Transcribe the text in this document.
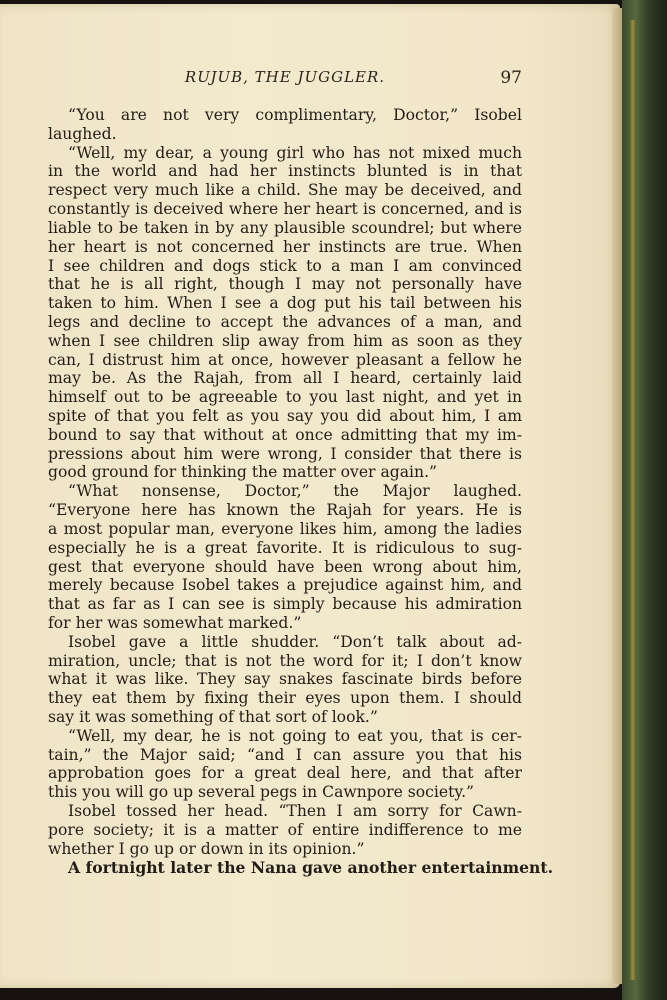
RUJUB, THE JUGGLER.	97
“You are not very complimentary, Doctor,” Isobel
laughed.
“Well, my dear, a young girl who has not mixed much
in the world and had her instincts blunted is in that
respect very much like a child. She may be deceived, and
constantly is deceived where her heart is concerned, and is
liable to be taken in by any plausible scoundrel; but where
her heart is not concerned her instincts are true. When
I see children and dogs stick to a man I am convinced
that he is all right, though I may not personally have
taken to him. When I see a dog put his tail between his
legs and decline to accept the advances of a man, and
when I see children slip away from him as soon as they
can, I distrust him at once, however pleasant a fellow he
may be. As the Rajah, from all I heard, certainly laid
himself out to be agreeable to you last night, and yet in
spite of that you felt as you say you did about him, I am
bound to say that without at once admitting that my im-
pressions about him were wrong, I consider that there is
good ground for thinking the matter over again.”
“What nonsense, Doctor,” the Major laughed.
“Everyone here has known the Rajah for years. He is
a most popular man, everyone likes him, among the ladies
especially he is a great favorite. It is ridiculous to sug-
gest that everyone should have been wrong about him,
merely because Isobel takes a prejudice against him, and
that as far as I can see is simply because his admiration
for her was somewhat marked.”
Isobel gave a little shudder. “Don’t talk about ad-
miration, uncle; that is not the word for it; I don’t know
what it was like. They say snakes fascinate birds before
they eat them by fixing their eyes upon them. I should
say it was something of that sort of look.”
“Well, my dear, he is not going to eat you, that is cer-
tain,” the Major said; “and I can assure you that his
approbation goes for a great deal here, and that after
this you will go up several pegs in Cawnpore society.”
Isobel tossed her head. “Then I am sorry for Cawn-
pore society; it is a matter of entire indifference to me
whether I go up or down in its opinion.”
A fortnight later the Nana gave another entertainment.
